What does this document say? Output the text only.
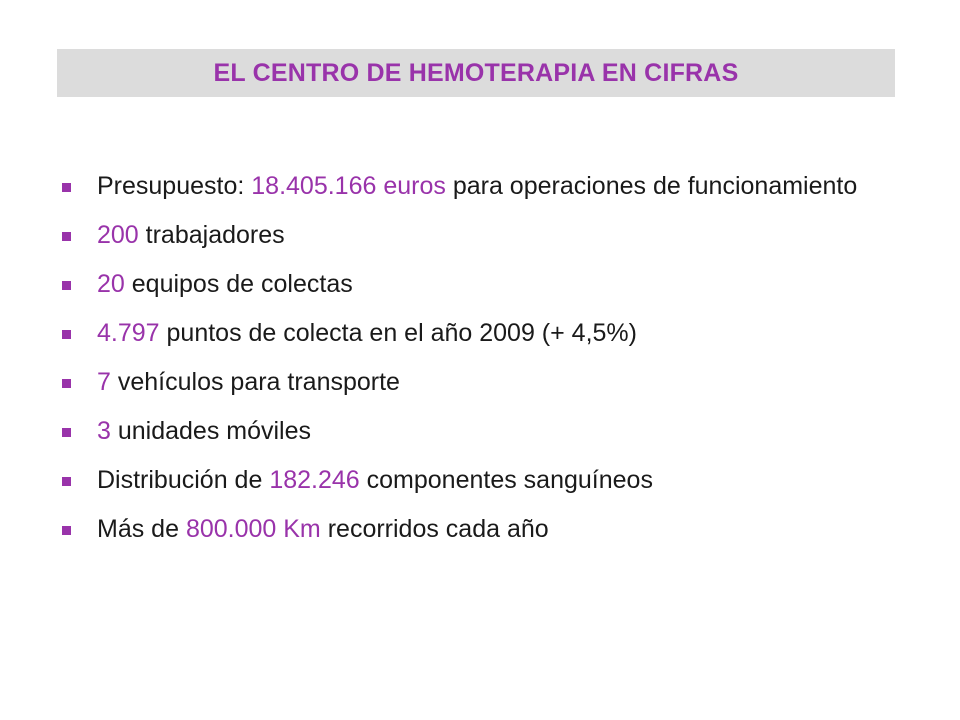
EL CENTRO DE HEMOTERAPIA EN CIFRAS
Presupuesto: 18.405.166 euros para operaciones de funcionamiento
200 trabajadores
20 equipos de colectas
4.797 puntos de colecta en el año 2009 (+ 4,5%)
7 vehículos para transporte
3 unidades móviles
Distribución de 182.246 componentes sanguíneos
Más de 800.000 Km recorridos cada año
